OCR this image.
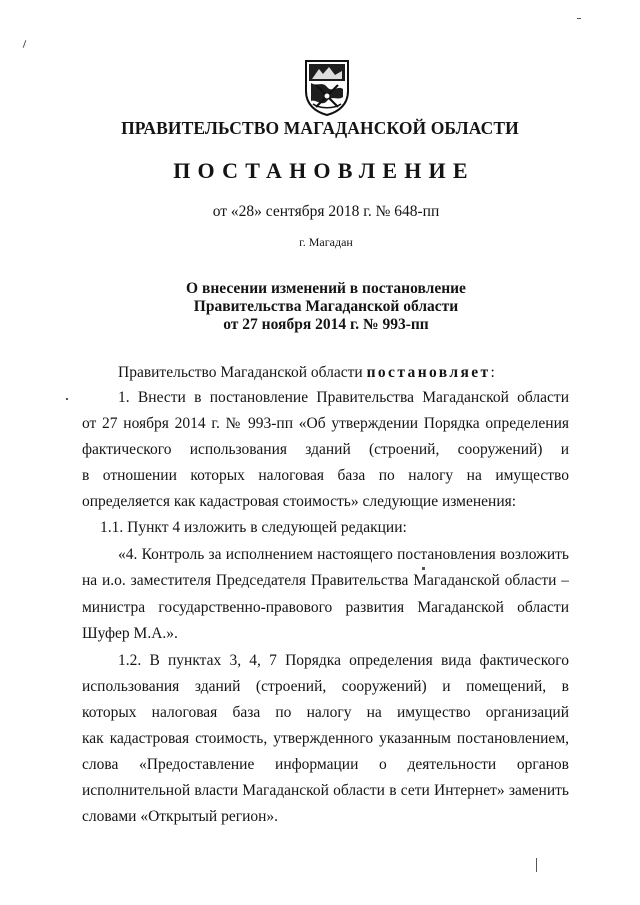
ПРАВИТЕЛЬСТВО МАГАДАНСКОЙ ОБЛАСТИ
ПОСТАНОВЛЕНИЕ
от «28» сентября 2018 г. № 648-пп
г. Магадан
О внесении изменений в постановление
Правительства Магаданской области
от 27 ноября 2014 г. № 993-пп
Правительство Магаданской области постановляет:
1. Внести в постановление Правительства Магаданской области
от 27 ноября 2014 г. № 993-пп «Об утверждении Порядка определения
фактического использования зданий (строений, сооружений) и
в отношении которых налоговая база по налогу на имущество
определяется как кадастровая стоимость» следующие изменения:
1.1. Пункт 4 изложить в следующей редакции:
«4. Контроль за исполнением настоящего постановления возложить
на и.о. заместителя Председателя Правительства Магаданской области –
министра государственно-правового развития Магаданской области
Шуфер М.А.».
1.2. В пунктах 3, 4, 7 Порядка определения вида фактического
использования зданий (строений, сооружений) и помещений, в
которых налоговая база по налогу на имущество организаций
как кадастровая стоимость, утвержденного указанным постановлением,
слова «Предоставление информации о деятельности органов
исполнительной власти Магаданской области в сети Интернет» заменить
словами «Открытый регион».
